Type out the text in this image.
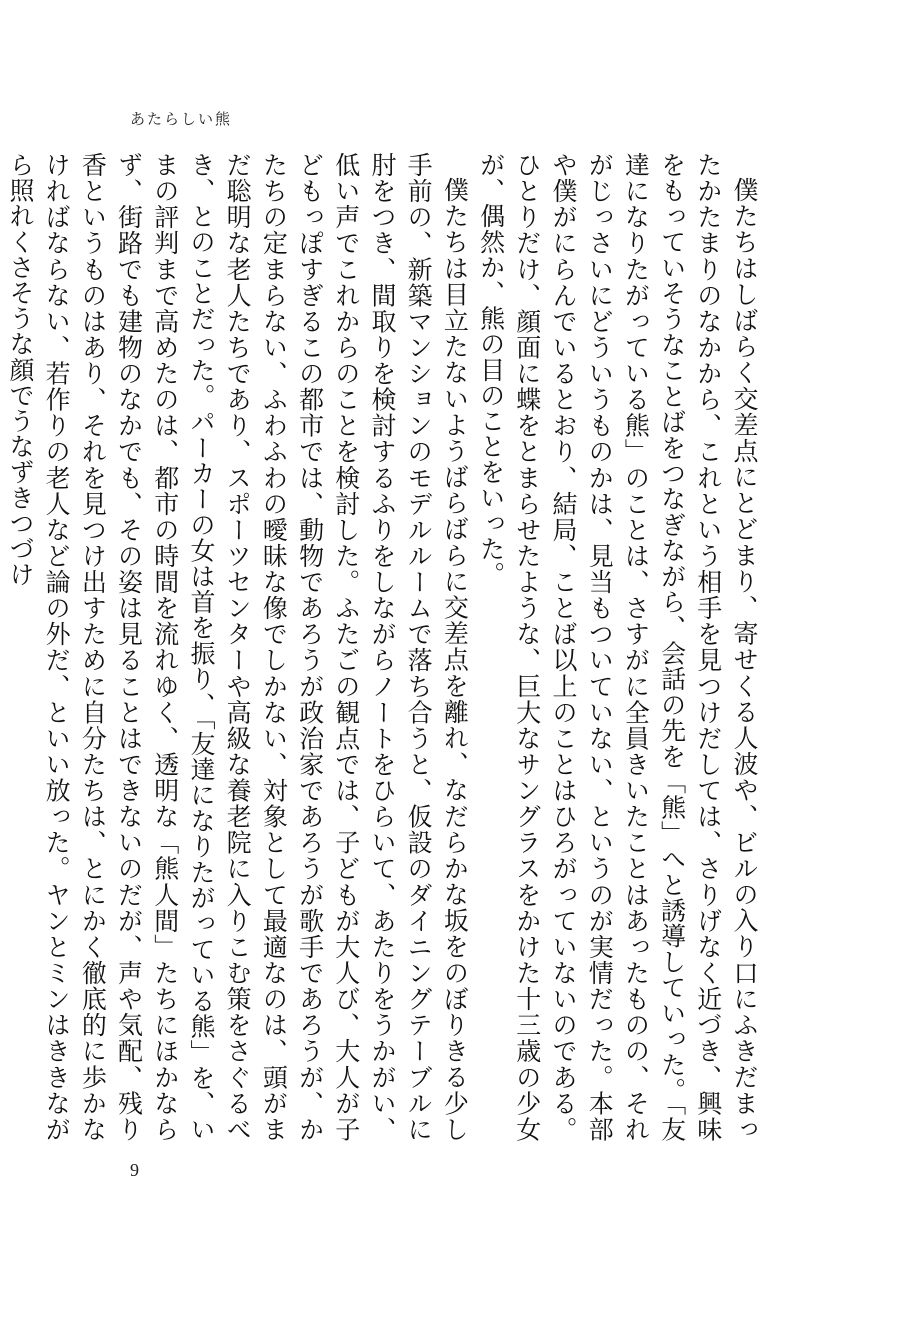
あたらしい熊

僕たちはしばらく交差点にとどまり、寄せくる人波や、ビルの入り口にふきだまったかたまりのなかから、これという相手を見つけだしては、さりげなく近づき、興味をもっていそうなことばをつなぎながら、会話の先を「熊」へと誘導していった。「友達になりたがっている熊」のことは、さすがに全員きいたことはあったものの、それがじっさいにどういうものかは、見当もついていない、というのが実情だった。本部や僕がにらんでいるとおり、結局、ことば以上のことはひろがっていないのである。ひとりだけ、顔面に蝶をとまらせたような、巨大なサングラスをかけた十三歳の少女が、偶然か、熊の目のことをいった。

僕たちは目立たないようばらばらに交差点を離れ、なだらかな坂をのぼりきる少し手前の、新築マンションのモデルルームで落ち合うと、仮設のダイニングテーブルに肘をつき、間取りを検討するふりをしながらノートをひらいて、あたりをうかがい、低い声でこれからのことを検討した。ふたごの観点では、子どもが大人び、大人が子どもっぽすぎるこの都市では、動物であろうが政治家であろうが歌手であろうが、かたちの定まらない、ふわふわの曖昧な像でしかない、対象として最適なのは、頭がまだ聡明な老人たちであり、スポーツセンターや高級な養老院に入りこむ策をさぐるべき、とのことだった。パーカーの女は首を振り、「友達になりたがっている熊」を、いまの評判まで高めたのは、都市の時間を流れゆく、透明な「熊人間」たちにほかならず、街路でも建物のなかでも、その姿は見ることはできないのだが、声や気配、残り香というものはあり、それを見つけ出すために自分たちは、とにかく徹底的に歩かなければならない、若作りの老人など論の外だ、といい放った。ヤンとミンはききながら照れくさそうな顔でうなずきつづけ

9
